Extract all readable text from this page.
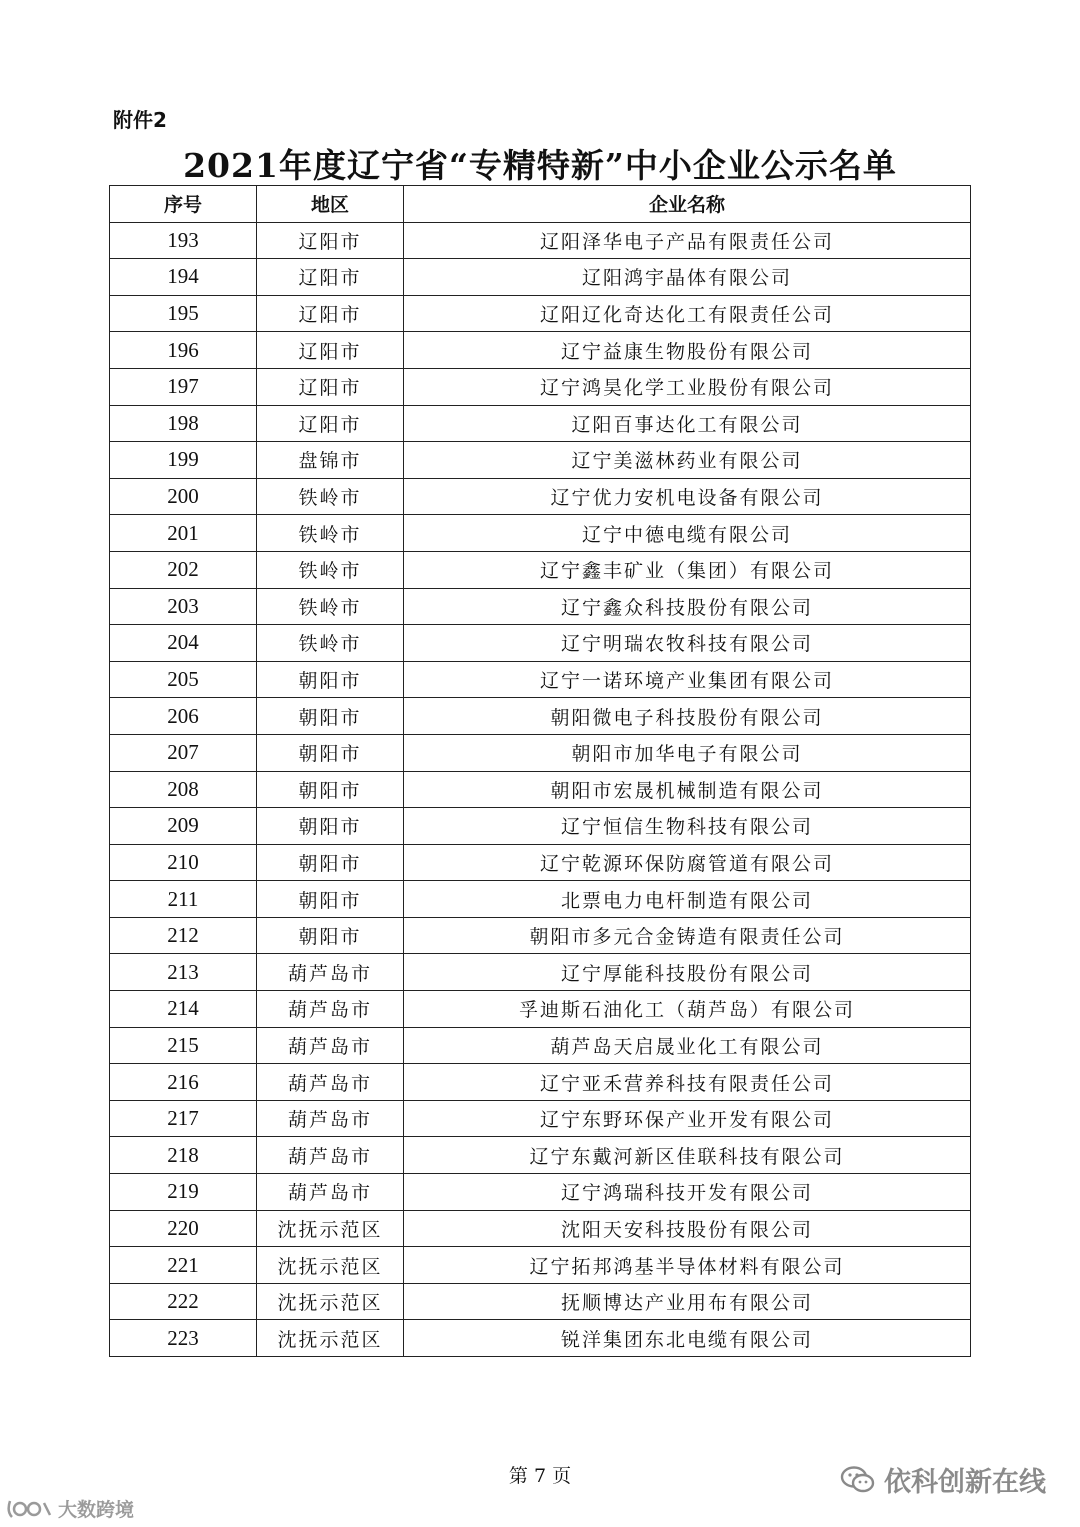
附件2
2021年度辽宁省“专精特新”中小企业公示名单
序号	地区	企业名称
193	辽阳市	辽阳泽华电子产品有限责任公司
194	辽阳市	辽阳鸿宇晶体有限公司
195	辽阳市	辽阳辽化奇达化工有限责任公司
196	辽阳市	辽宁益康生物股份有限公司
197	辽阳市	辽宁鸿昊化学工业股份有限公司
198	辽阳市	辽阳百事达化工有限公司
199	盘锦市	辽宁美滋林药业有限公司
200	铁岭市	辽宁优力安机电设备有限公司
201	铁岭市	辽宁中德电缆有限公司
202	铁岭市	辽宁鑫丰矿业（集团）有限公司
203	铁岭市	辽宁鑫众科技股份有限公司
204	铁岭市	辽宁明瑞农牧科技有限公司
205	朝阳市	辽宁一诺环境产业集团有限公司
206	朝阳市	朝阳微电子科技股份有限公司
207	朝阳市	朝阳市加华电子有限公司
208	朝阳市	朝阳市宏晟机械制造有限公司
209	朝阳市	辽宁恒信生物科技有限公司
210	朝阳市	辽宁乾源环保防腐管道有限公司
211	朝阳市	北票电力电杆制造有限公司
212	朝阳市	朝阳市多元合金铸造有限责任公司
213	葫芦岛市	辽宁厚能科技股份有限公司
214	葫芦岛市	孚迪斯石油化工（葫芦岛）有限公司
215	葫芦岛市	葫芦岛天启晟业化工有限公司
216	葫芦岛市	辽宁亚禾营养科技有限责任公司
217	葫芦岛市	辽宁东野环保产业开发有限公司
218	葫芦岛市	辽宁东戴河新区佳联科技有限公司
219	葫芦岛市	辽宁鸿瑞科技开发有限公司
220	沈抚示范区	沈阳天安科技股份有限公司
221	沈抚示范区	辽宁拓邦鸿基半导体材料有限公司
222	沈抚示范区	抚顺博达产业用布有限公司
223	沈抚示范区	锐洋集团东北电缆有限公司
第 7 页	依科创新在线
大数跨境
